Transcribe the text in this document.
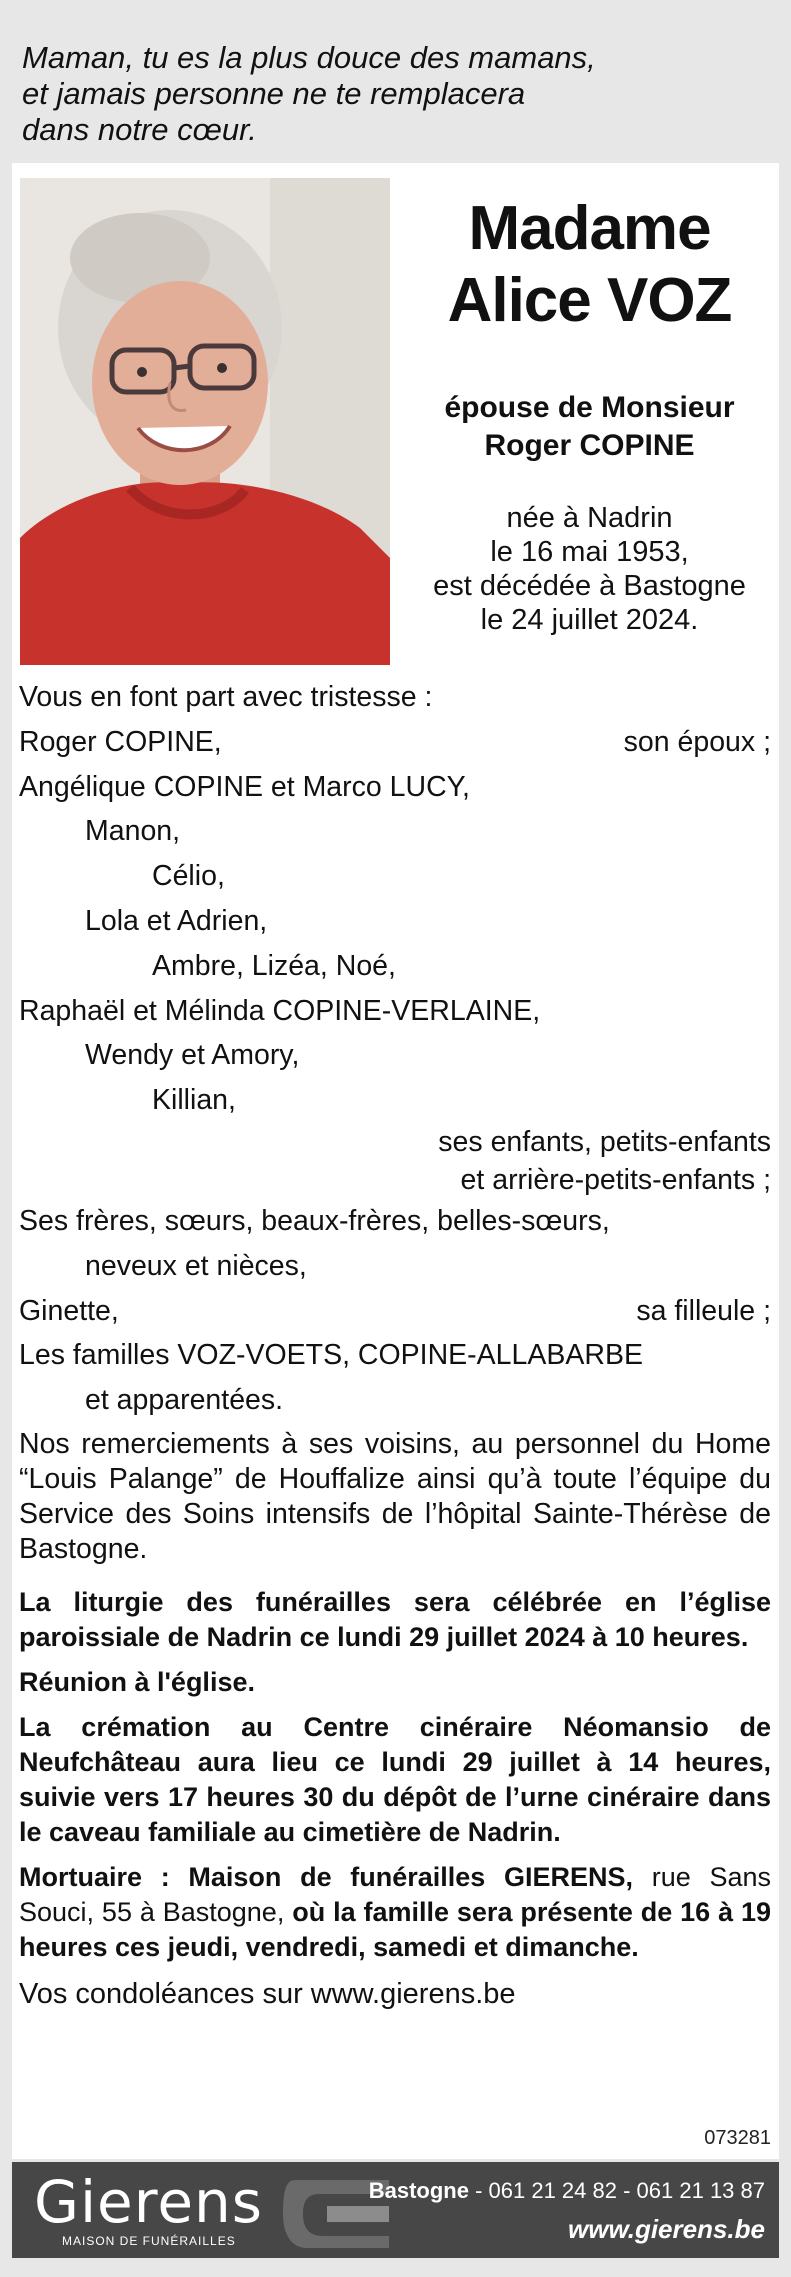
Maman, tu es la plus douce des mamans,
et jamais personne ne te remplacera
dans notre cœur.
Madame
Alice VOZ
épouse de Monsieur
Roger COPINE
née à Nadrin
le 16 mai 1953,
est décédée à Bastogne
le 24 juillet 2024.
Vous en font part avec tristesse :
Roger COPINE,	son époux ;
Angélique COPINE et Marco LUCY,
Manon,
Célio,
Lola et Adrien,
Ambre, Lizéa, Noé,
Raphaël et Mélinda COPINE-VERLAINE,
Wendy et Amory,
Killian,
ses enfants, petits-enfants
et arrière-petits-enfants ;
Ses frères, sœurs, beaux-frères, belles-sœurs,
neveux et nièces,
Ginette,	sa filleule ;
Les familles VOZ-VOETS, COPINE-ALLABARBE
et apparentées.
Nos remerciements à ses voisins, au personnel du Home “Louis Palange” de Houffalize ainsi qu’à toute l’équipe du Service des Soins intensifs de l’hôpital Sainte-Thérèse de Bastogne.
La liturgie des funérailles sera célébrée en l’église paroissiale de Nadrin ce lundi 29 juillet 2024 à 10 heures.
Réunion à l'église.
La crémation au Centre cinéraire Néomansio de Neufchâteau aura lieu ce lundi 29 juillet à 14 heures, suivie vers 17 heures 30 du dépôt de l’urne cinéraire dans le caveau familiale au cimetière de Nadrin.
Mortuaire : Maison de funérailles GIERENS, rue Sans Souci, 55 à Bastogne, où la famille sera présente de 16 à 19 heures ces jeudi, vendredi, samedi et dimanche.
Vos condoléances sur www.gierens.be
073281
Gierens
MAISON DE FUNÉRAILLES
Bastogne - 061 21 24 82 - 061 21 13 87
www.gierens.be
